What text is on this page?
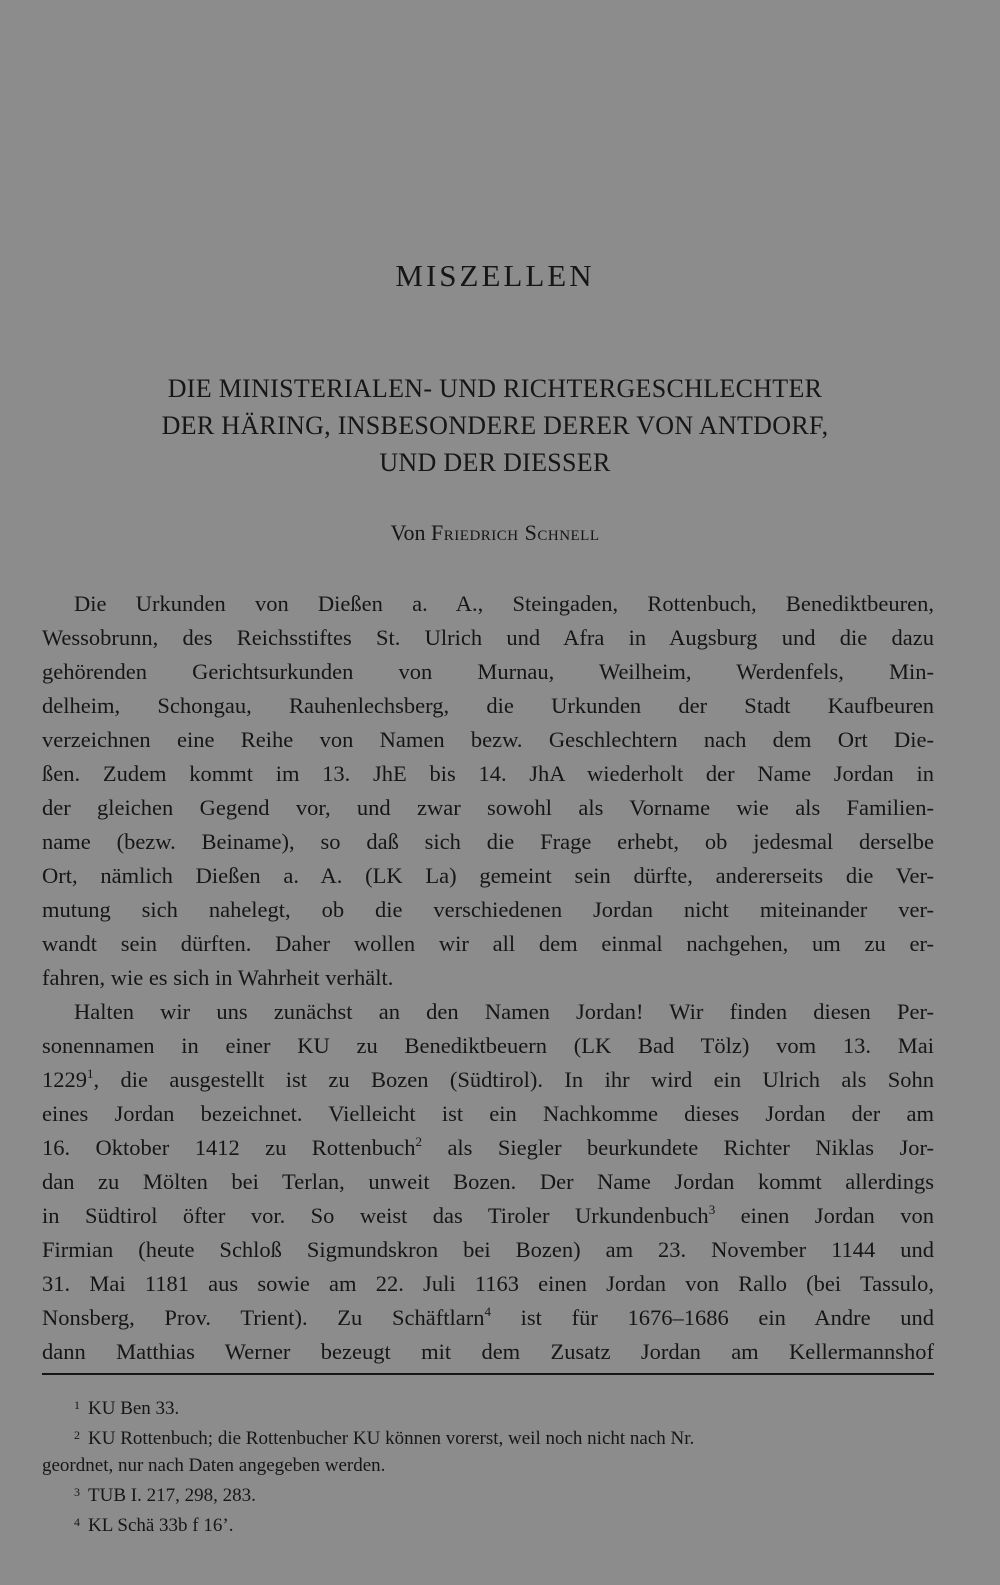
MISZELLEN
DIE MINISTERIALEN- UND RICHTERGESCHLECHTER
DER HÄRING, INSBESONDERE DERER VON ANTDORF,
UND DER DIESSER
Von Friedrich Schnell
Die Urkunden von Dießen a. A., Steingaden, Rottenbuch, Benediktbeuren,
Wessobrunn, des Reichsstiftes St. Ulrich und Afra in Augsburg und die dazu
gehörenden Gerichtsurkunden von Murnau, Weilheim, Werdenfels, Min-
delheim, Schongau, Rauhenlechsberg, die Urkunden der Stadt Kaufbeuren
verzeichnen eine Reihe von Namen bezw. Geschlechtern nach dem Ort Die-
ßen. Zudem kommt im 13. JhE bis 14. JhA wiederholt der Name Jordan in
der gleichen Gegend vor, und zwar sowohl als Vorname wie als Familien-
name (bezw. Beiname), so daß sich die Frage erhebt, ob jedesmal derselbe
Ort, nämlich Dießen a. A. (LK La) gemeint sein dürfte, andererseits die Ver-
mutung sich nahelegt, ob die verschiedenen Jordan nicht miteinander ver-
wandt sein dürften. Daher wollen wir all dem einmal nachgehen, um zu er-
fahren, wie es sich in Wahrheit verhält.
Halten wir uns zunächst an den Namen Jordan! Wir finden diesen Per-
sonennamen in einer KU zu Benediktbeuern (LK Bad Tölz) vom 13. Mai
1229$^1$, die ausgestellt ist zu Bozen (Südtirol). In ihr wird ein Ulrich als Sohn
eines Jordan bezeichnet. Vielleicht ist ein Nachkomme dieses Jordan der am
16. Oktober 1412 zu Rottenbuch$^2$ als Siegler beurkundete Richter Niklas Jor-
dan zu Mölten bei Terlan, unweit Bozen. Der Name Jordan kommt allerdings
in Südtirol öfter vor. So weist das Tiroler Urkundenbuch$^3$ einen Jordan von
Firmian (heute Schloß Sigmundskron bei Bozen) am 23. November 1144 und
31. Mai 1181 aus sowie am 22. Juli 1163 einen Jordan von Rallo (bei Tassulo,
Nonsberg, Prov. Trient). Zu Schäftlarn$^4$ ist für 1676–1686 ein Andre und
dann Matthias Werner bezeugt mit dem Zusatz Jordan am Kellermannshof
$^1$ KU Ben 33.
$^2$ KU Rottenbuch; die Rottenbucher KU können vorerst, weil noch nicht nach Nr.
geordnet, nur nach Daten angegeben werden.
$^3$ TUB I. 217, 298, 283.
$^4$ KL Schä 33b f 16’.
